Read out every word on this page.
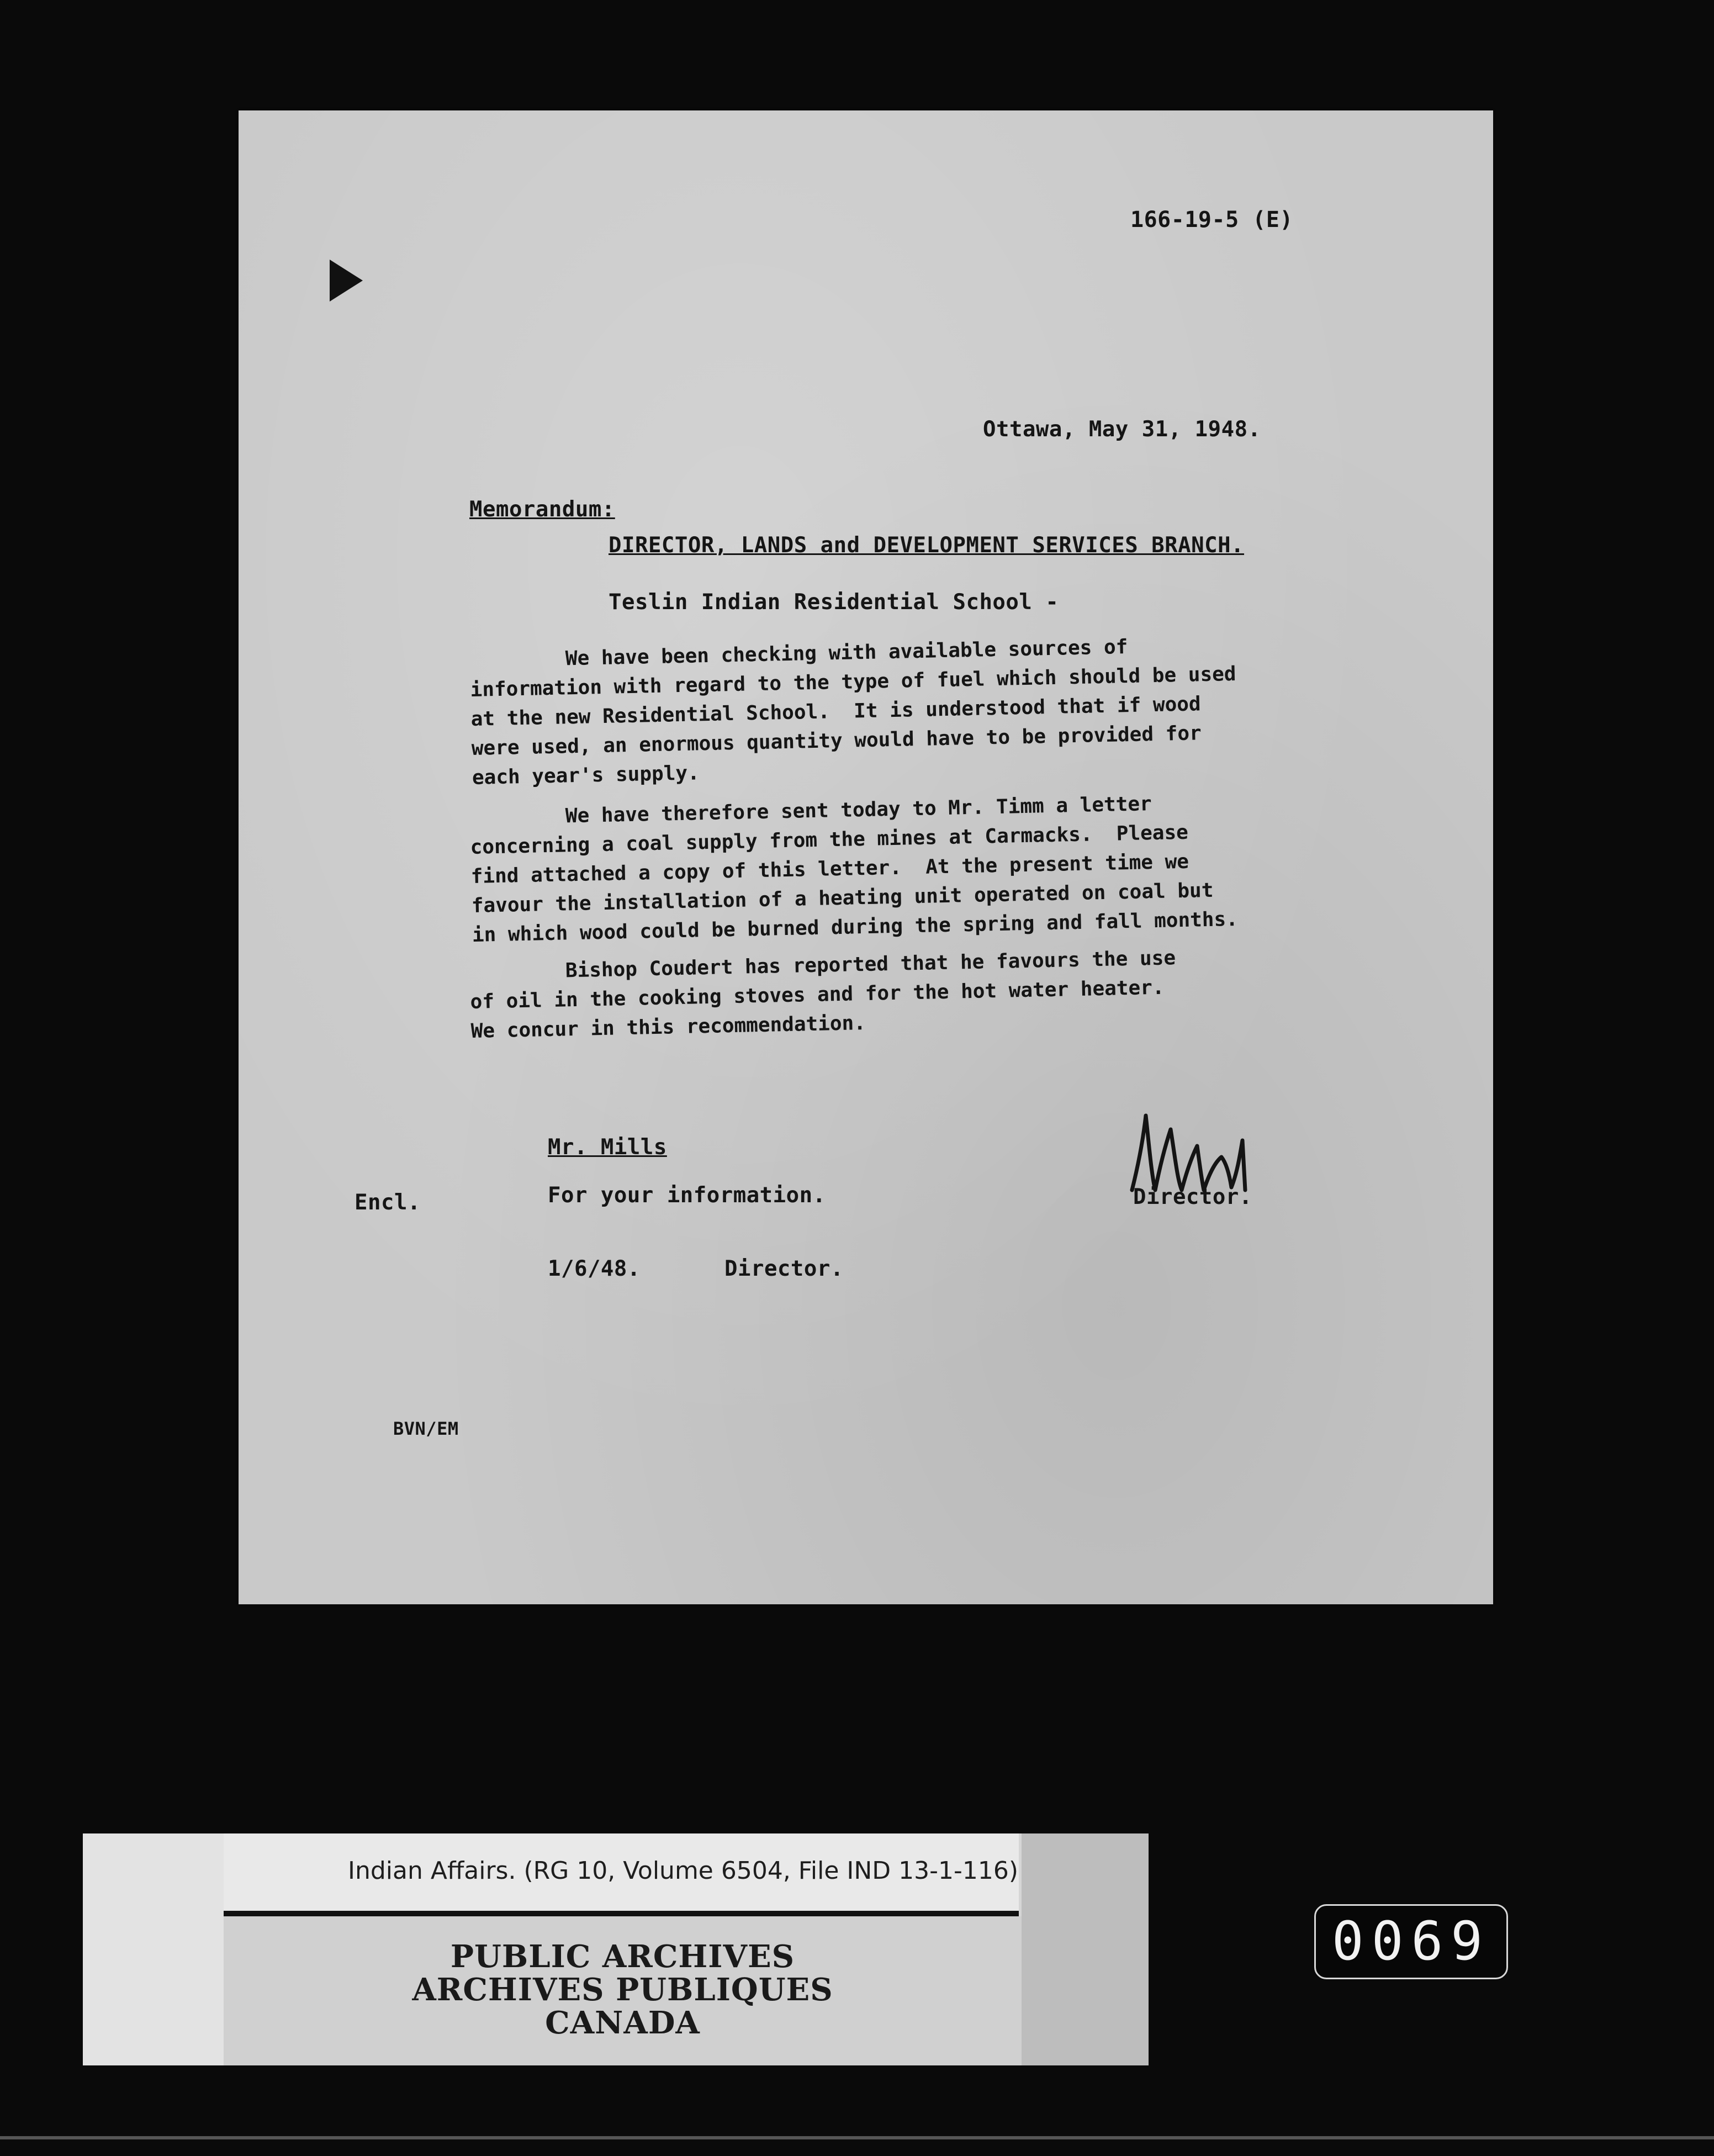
166-19-5 (E)
Ottawa, May 31, 1948.
Memorandum:
DIRECTOR, LANDS and DEVELOPMENT SERVICES BRANCH.
Teslin Indian Residential School -
We have been checking with available sources of
information with regard to the type of fuel which should be used
at the new Residential School.  It is understood that if wood
were used, an enormous quantity would have to be provided for
each year's supply.
We have therefore sent today to Mr. Timm a letter
concerning a coal supply from the mines at Carmacks.  Please
find attached a copy of this letter.  At the present time we
favour the installation of a heating unit operated on coal but
in which wood could be burned during the spring and fall months.
Bishop Coudert has reported that he favours the use
of oil in the cooking stoves and for the hot water heater.
We concur in this recommendation.
Mr. Mills
Encl.	For your information.
1/6/48.	Director.
Director.
BVN/EM
Indian Affairs. (RG 10, Volume 6504, File IND 13-1-116)
PUBLIC ARCHIVES
ARCHIVES PUBLIQUES
CANADA
0069
